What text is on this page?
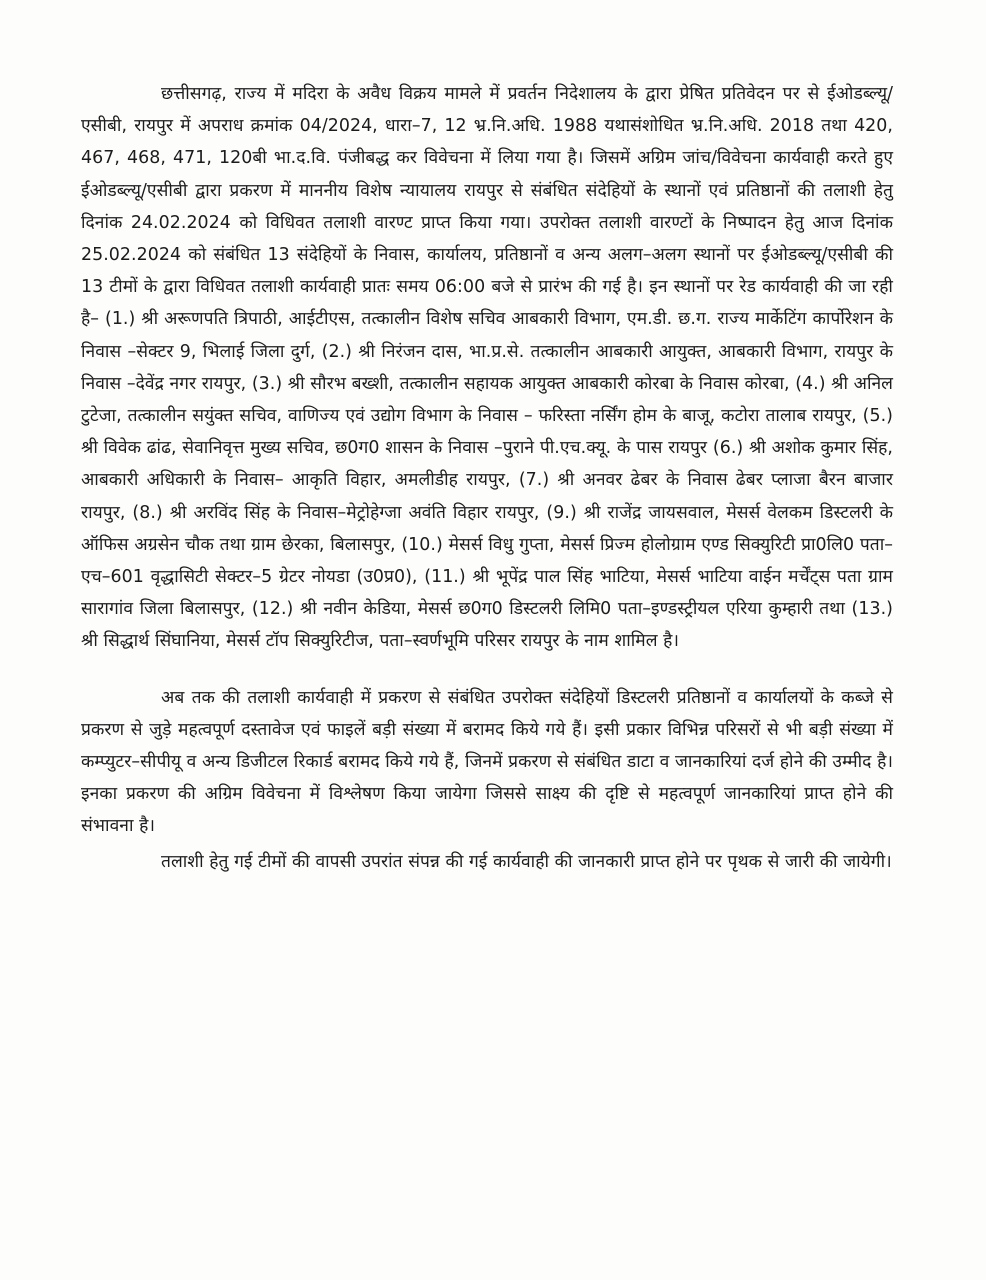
छत्तीसगढ़, राज्य में मदिरा के अवैध विक्रय मामले में प्रवर्तन निदेशालय के द्वारा प्रेषित प्रतिवेदन पर से ईओडब्ल्यू/एसीबी, रायपुर में अपराध क्रमांक 04/2024, धारा–7, 12 भ्र.नि.अधि. 1988 यथासंशोधित भ्र.नि.अधि. 2018 तथा 420, 467, 468, 471, 120बी भा.द.वि. पंजीबद्ध कर विवेचना में लिया गया है। जिसमें अग्रिम जांच/विवेचना कार्यवाही करते हुए ईओडब्ल्यू/एसीबी द्वारा प्रकरण में माननीय विशेष न्यायालय रायपुर से संबंधित संदेहियों के स्थानों एवं प्रतिष्ठानों की तलाशी हेतु दिनांक 24.02.2024 को विधिवत तलाशी वारण्ट प्राप्त किया गया। उपरोक्त तलाशी वारण्टों के निष्पादन हेतु आज दिनांक 25.02.2024 को संबंधित 13 संदेहियों के निवास, कार्यालय, प्रतिष्ठानों व अन्य अलग–अलग स्थानों पर ईओडब्ल्यू/एसीबी की 13 टीमों के द्वारा विधिवत तलाशी कार्यवाही प्रातः समय 06:00 बजे से प्रारंभ की गई है। इन स्थानों पर रेड कार्यवाही की जा रही है– (1.) श्री अरूणपति त्रिपाठी, आईटीएस, तत्कालीन विशेष सचिव आबकारी विभाग, एम.डी. छ.ग. राज्य मार्केटिंग कार्पोरेशन के निवास –सेक्टर 9, भिलाई जिला दुर्ग, (2.) श्री निरंजन दास, भा.प्र.से. तत्कालीन आबकारी आयुक्त, आबकारी विभाग, रायपुर के निवास –देवेंद्र नगर रायपुर, (3.) श्री सौरभ बख्शी, तत्कालीन सहायक आयुक्त आबकारी कोरबा के निवास कोरबा, (4.) श्री अनिल टुटेजा, तत्कालीन सयुंक्त सचिव, वाणिज्य एवं उद्योग विभाग के निवास – फरिस्ता नर्सिंग होम के बाजू, कटोरा तालाब रायपुर, (5.) श्री विवेक ढांढ, सेवानिवृत्त मुख्य सचिव, छ0ग0 शासन के निवास –पुराने पी.एच.क्यू. के पास रायपुर (6.) श्री अशोक कुमार सिंह, आबकारी अधिकारी के निवास– आकृति विहार, अमलीडीह रायपुर, (7.) श्री अनवर ढेबर के निवास ढेबर प्लाजा बैरन बाजार रायपुर, (8.) श्री अरविंद सिंह के निवास–मेट्रोहेग्जा अवंति विहार रायपुर, (9.) श्री राजेंद्र जायसवाल, मेसर्स वेलकम डिस्टलरी के ऑफिस अग्रसेन चौक तथा ग्राम छेरका, बिलासपुर, (10.) मेसर्स विधु गुप्ता, मेसर्स प्रिज्म होलोग्राम एण्ड सिक्युरिटी प्रा0लि0 पता–एच–601 वृद्धासिटी सेक्टर–5 ग्रेटर नोयडा (उ0प्र0), (11.) श्री भूपेंद्र पाल सिंह भाटिया, मेसर्स भाटिया वाईन मर्चेंट्स पता ग्राम सारागांव जिला बिलासपुर, (12.) श्री नवीन केडिया, मेसर्स छ0ग0 डिस्टलरी लिमि0 पता–इण्डस्ट्रीयल एरिया कुम्हारी तथा (13.) श्री सिद्धार्थ सिंघानिया, मेसर्स टॉप सिक्युरिटीज, पता–स्वर्णभूमि परिसर रायपुर के नाम शामिल है।

अब तक की तलाशी कार्यवाही में प्रकरण से संबंधित उपरोक्त संदेहियों डिस्टलरी प्रतिष्ठानों व कार्यालयों के कब्जे से प्रकरण से जुड़े महत्वपूर्ण दस्तावेज एवं फाइलें बड़ी संख्या में बरामद किये गये हैं। इसी प्रकार विभिन्न परिसरों से भी बड़ी संख्या में कम्प्युटर–सीपीयू व अन्य डिजीटल रिकार्ड बरामद किये गये हैं, जिनमें प्रकरण से संबंधित डाटा व जानकारियां दर्ज होने की उम्मीद है। इनका प्रकरण की अग्रिम विवेचना में विश्लेषण किया जायेगा जिससे साक्ष्य की दृष्टि से महत्वपूर्ण जानकारियां प्राप्त होने की संभावना है।

तलाशी हेतु गई टीमों की वापसी उपरांत संपन्न की गई कार्यवाही की जानकारी प्राप्त होने पर पृथक से जारी की जायेगी।
